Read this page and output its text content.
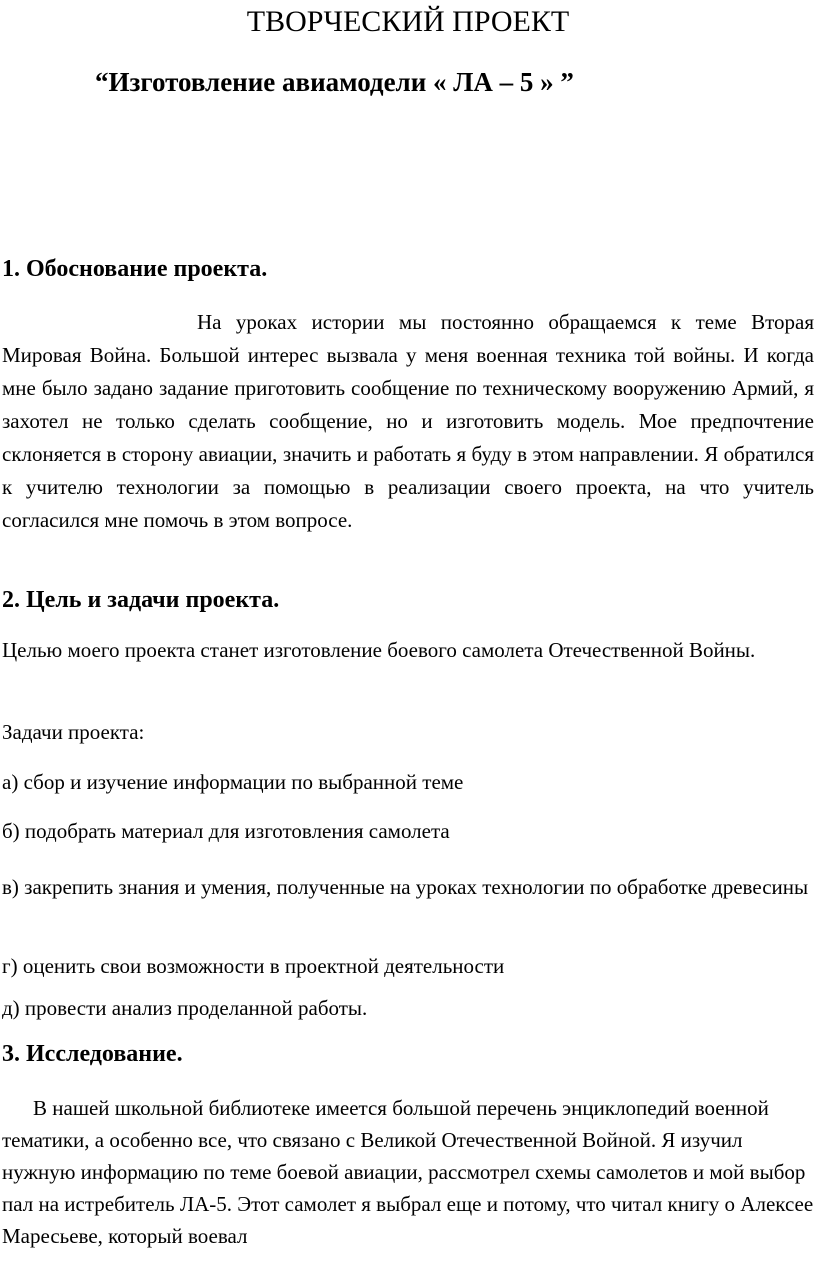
ТВОРЧЕСКИЙ ПРОЕКТ
“Изготовление авиамодели « ЛА – 5 » ”
1. Обоснование проекта.

На уроках истории мы постоянно обращаемся к теме Вторая Мировая Война. Большой интерес вызвала у меня военная техника той войны. И когда мне было задано задание приготовить сообщение по техническому вооружению Армий, я захотел не только сделать сообщение, но и изготовить модель. Мое предпочтение склоняется в сторону авиации, значить и работать я буду в этом направлении. Я обратился к учителю технологии за помощью в реализации своего проекта, на что учитель согласился мне помочь в этом вопросе.

2. Цель и задачи проекта.

Целью моего проекта станет изготовление боевого самолета Отечественной Войны.

Задачи проекта:

а) сбор и изучение информации по выбранной теме

б) подобрать материал для изготовления самолета

в) закрепить знания и умения, полученные на уроках технологии по обработке древесины

г) оценить свои возможности в проектной деятельности

д) провести анализ проделанной работы.

3. Исследование.

В нашей школьной библиотеке имеется большой перечень энциклопедий военной тематики, а особенно все, что связано с Великой Отечественной Войной. Я изучил нужную информацию по теме боевой авиации, рассмотрел схемы самолетов и мой выбор пал на истребитель ЛА-5. Этот самолет я выбрал еще и потому, что читал книгу о Алексее Маресьеве, который воевал
